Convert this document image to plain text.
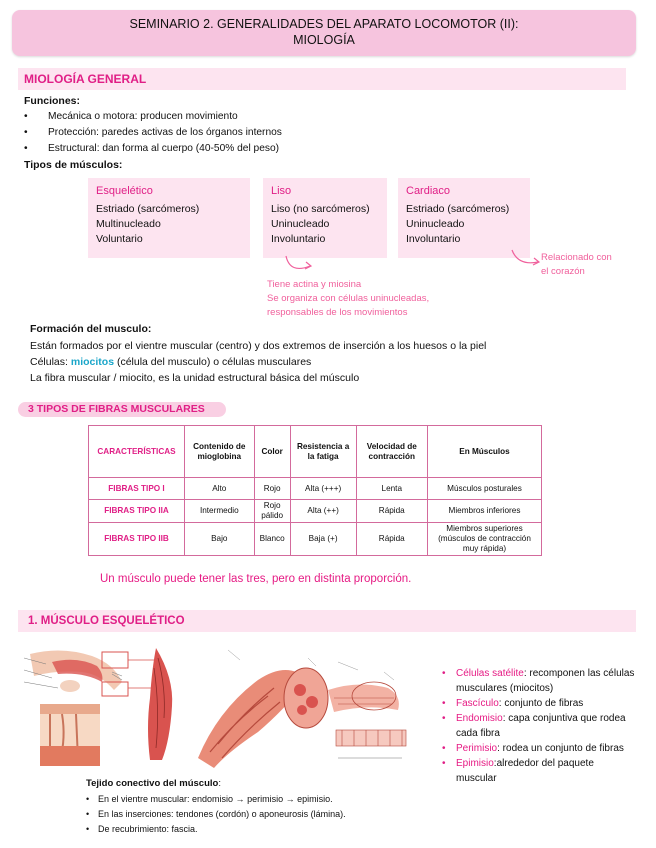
SEMINARIO 2. GENERALIDADES DEL APARATO LOCOMOTOR (II):
MIOLOGÍA
MIOLOGÍA GENERAL
Funciones:
• Mecánica o motora: producen movimiento
• Protección: paredes activas de los órganos internos
• Estructural: dan forma al cuerpo (40-50% del peso)
Tipos de músculos:
Esquelético
Estriado (sarcómeros)
Multinucleado
Voluntario
Liso
Liso (no sarcómeros)
Uninucleado
Involuntario
Cardiaco
Estriado (sarcómeros)
Uninucleado
Involuntario
Tiene actina y miosina
Se organiza con células uninucleadas,
responsables de los movimientos
Relacionado con
el corazón
Formación del musculo:
Están formados por el vientre muscular (centro) y dos extremos de inserción a los huesos o la piel
Células: miocitos (célula del musculo) o células musculares
La fibra muscular / miocito, es la unidad estructural básica del músculo
3 TIPOS DE FIBRAS MUSCULARES
CARACTERÍSTICAS	Contenido de mioglobina	Color	Resistencia a la fatiga	Velocidad de contracción	En Músculos
FIBRAS TIPO I	Alto	Rojo	Alta (+++)	Lenta	Músculos posturales
FIBRAS TIPO IIA	Intermedio	Rojo pálido	Alta (++)	Rápida	Miembros inferiores
FIBRAS TIPO IIB	Bajo	Blanco	Baja (+)	Rápida	Miembros superiores (músculos de contracción muy rápida)
Un músculo puede tener las tres, pero en distinta proporción.
1. MÚSCULO ESQUELÉTICO
• Células satélite: recomponen las células musculares (miocitos)
• Fascículo: conjunto de fibras
• Endomisio: capa conjuntiva que rodea cada fibra
• Perimisio: rodea un conjunto de fibras
• Epimisio:alrededor del paquete muscular
Tejido conectivo del músculo:
• En el vientre muscular: endomisio → perimisio → epimisio.
• En las inserciones: tendones (cordón) o aponeurosis (lámina).
• De recubrimiento: fascia.
